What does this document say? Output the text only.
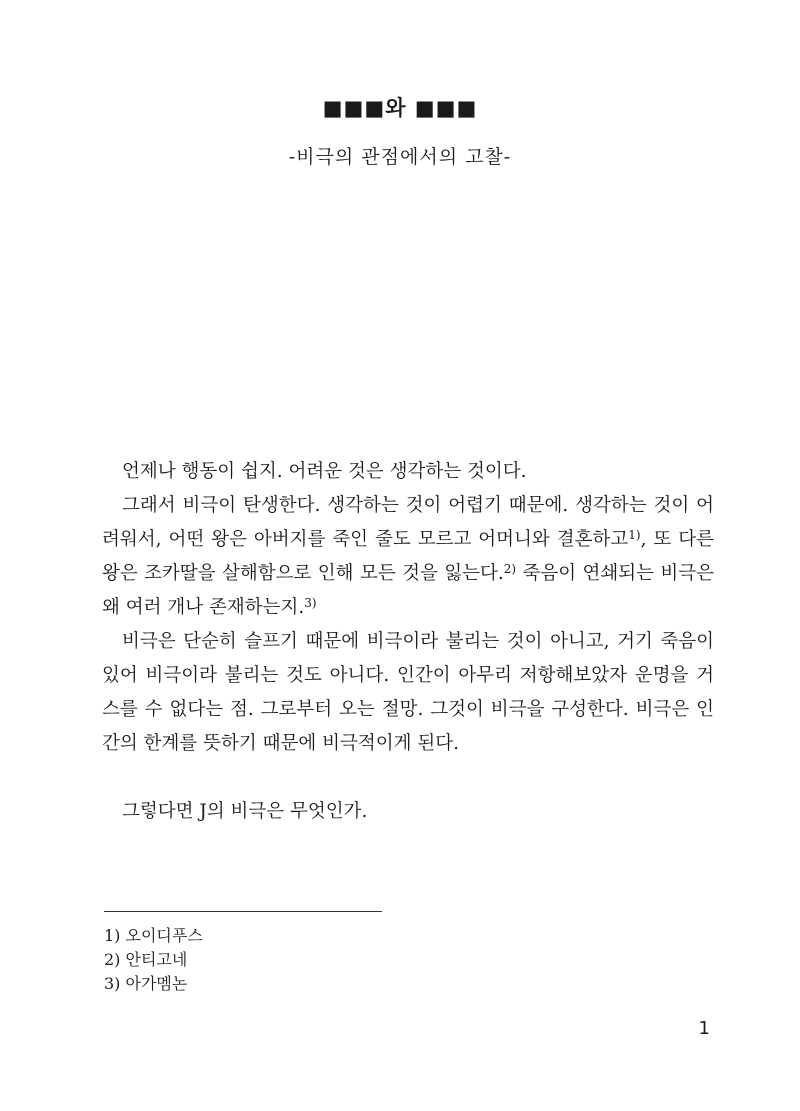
■■■와 ■■■
-비극의 관점에서의 고찰-

언제나 행동이 쉽지. 어려운 것은 생각하는 것이다.

그래서 비극이 탄생한다. 생각하는 것이 어렵기 때문에. 생각하는 것이 어려워서, 어떤 왕은 아버지를 죽인 줄도 모르고 어머니와 결혼하고$^{1)}$, 또 다른 왕은 조카딸을 살해함으로 인해 모든 것을 잃는다.$^{2)}$ 죽음이 연쇄되는 비극은 왜 여러 개나 존재하는지.$^{3)}$

비극은 단순히 슬프기 때문에 비극이라 불리는 것이 아니고, 거기 죽음이 있어 비극이라 불리는 것도 아니다. 인간이 아무리 저항해보았자 운명을 거스를 수 없다는 점. 그로부터 오는 절망. 그것이 비극을 구성한다. 비극은 인간의 한계를 뜻하기 때문에 비극적이게 된다.

그렇다면 J의 비극은 무엇인가.

1) 오이디푸스
2) 안티고네
3) 아가멤논
1
